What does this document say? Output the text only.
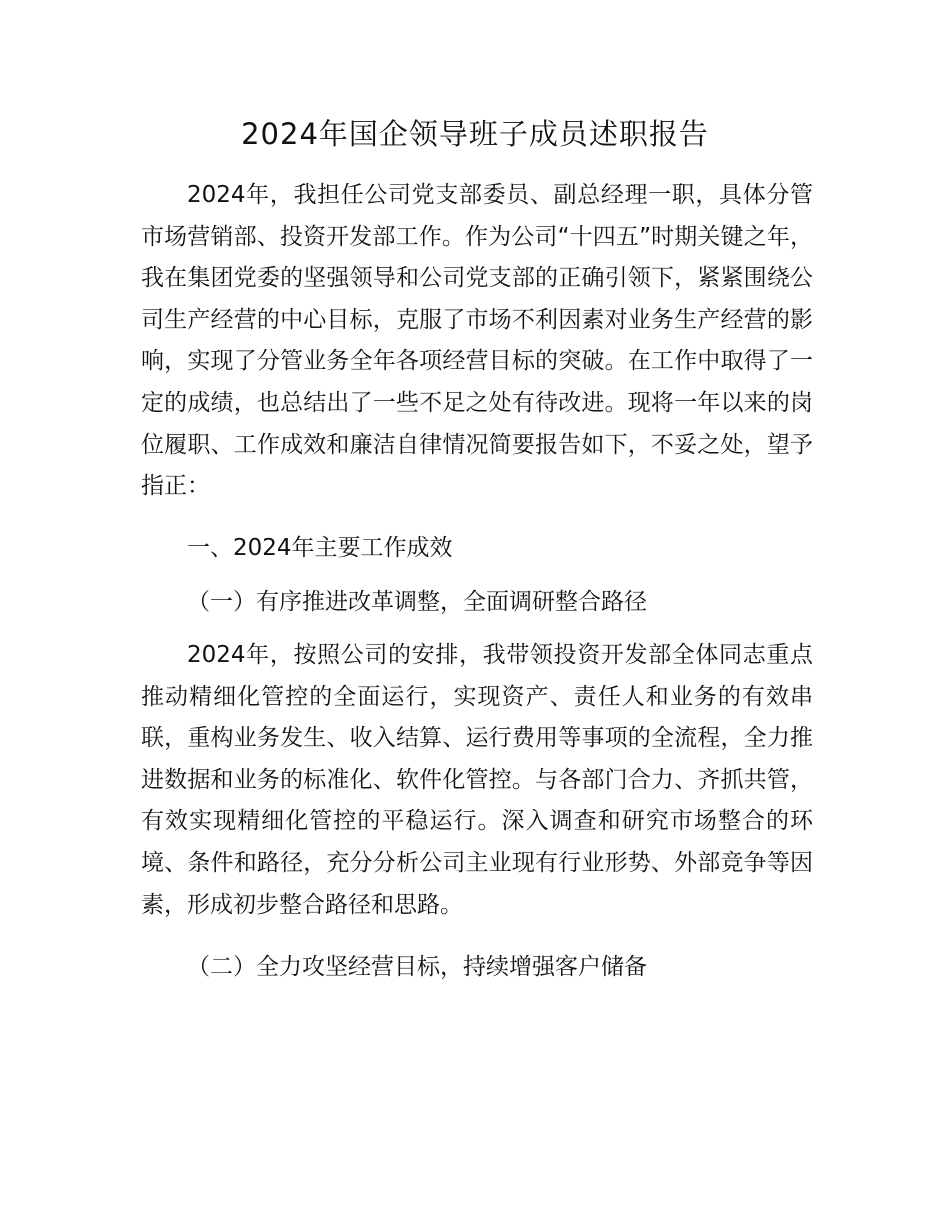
2024年国企领导班子成员述职报告

2024年，我担任公司党支部委员、副总经理一职，具体分管市场营销部、投资开发部工作。作为公司“十四五”时期关键之年，我在集团党委的坚强领导和公司党支部的正确引领下，紧紧围绕公司生产经营的中心目标，克服了市场不利因素对业务生产经营的影响，实现了分管业务全年各项经营目标的突破。在工作中取得了一定的成绩，也总结出了一些不足之处有待改进。现将一年以来的岗位履职、工作成效和廉洁自律情况简要报告如下，不妥之处，望予指正：

一、2024年主要工作成效
（一）有序推进改革调整，全面调研整合路径

2024年，按照公司的安排，我带领投资开发部全体同志重点推动精细化管控的全面运行，实现资产、责任人和业务的有效串联，重构业务发生、收入结算、运行费用等事项的全流程，全力推进数据和业务的标准化、软件化管控。与各部门合力、齐抓共管，有效实现精细化管控的平稳运行。深入调查和研究市场整合的环境、条件和路径，充分分析公司主业现有行业形势、外部竞争等因素，形成初步整合路径和思路。

（二）全力攻坚经营目标，持续增强客户储备
